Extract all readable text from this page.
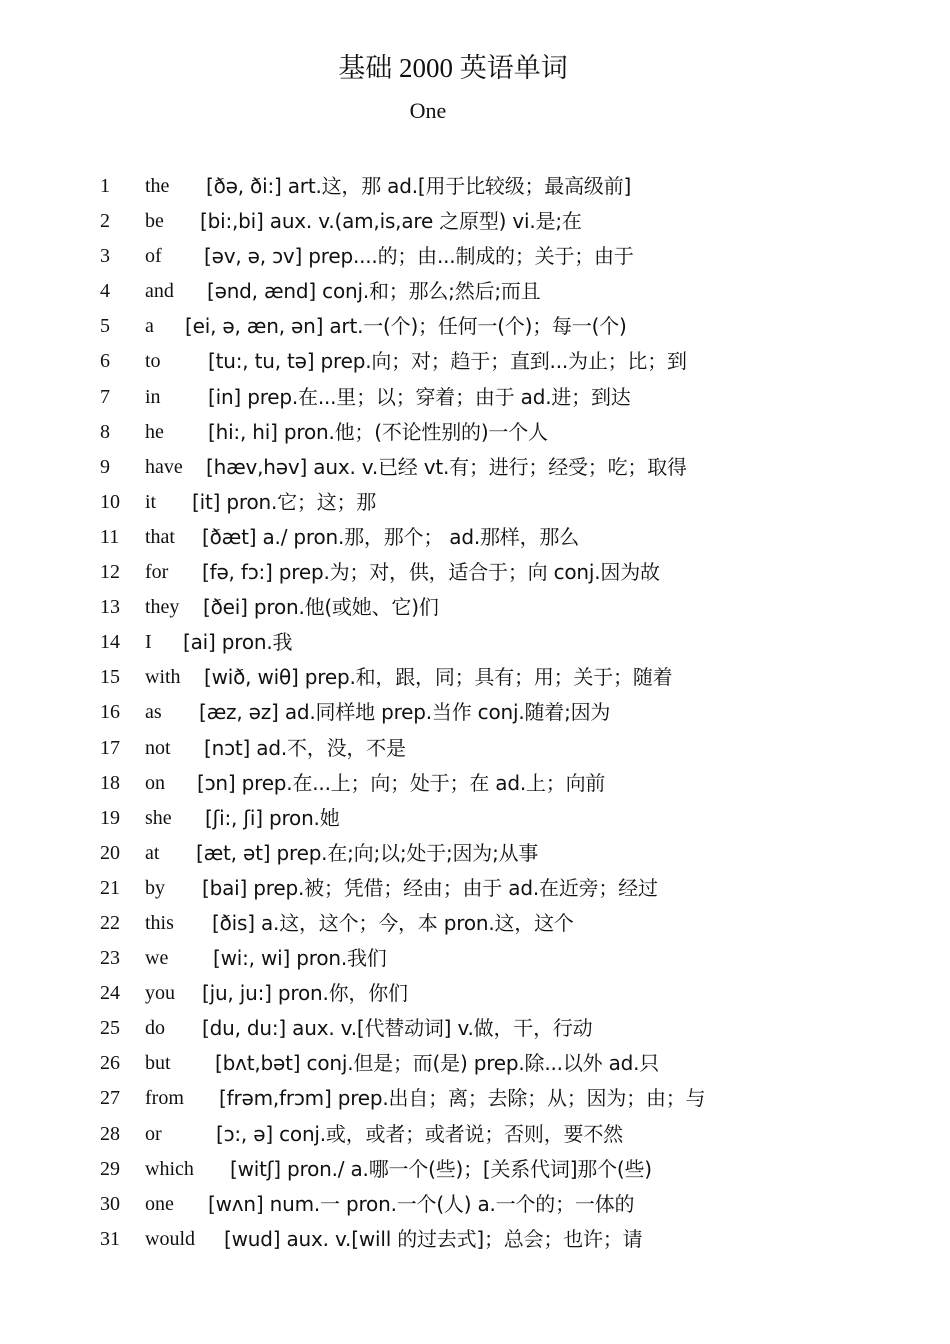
基础 2000 英语单词
One
1	the [ðə, ði:] art.这，那 ad.[用于比较级；最高级前]
2	be [bi:,bi] aux. v.(am,is,are 之原型) vi.是;在
3	of [əv, ə, ɔv] prep....的；由...制成的；关于；由于
4	and [ənd, ænd] conj.和；那么;然后;而且
5	a [ei, ə, æn, ən] art.一(个)；任何一(个)；每一(个)
6	to [tu:, tu, tə] prep.向；对；趋于；直到...为止；比；到
7	in [in] prep.在...里；以；穿着；由于 ad.进；到达
8	he [hi:, hi] pron.他；(不论性别的)一个人
9	have [hæv,həv] aux. v.已经 vt.有；进行；经受；吃；取得
10	it [it] pron.它；这；那
11	that [ðæt] a./ pron.那，那个； ad.那样，那么
12	for [fə, fɔ:] prep.为；对，供，适合于；向 conj.因为故
13	they [ðei] pron.他(或她、它)们
14	I [ai] pron.我
15	with [wið, wiθ] prep.和，跟，同；具有；用；关于；随着
16	as [æz, əz] ad.同样地 prep.当作 conj.随着;因为
17	not [nɔt] ad.不，没，不是
18	on [ɔn] prep.在...上；向；处于；在 ad.上；向前
19	she [ʃi:, ʃi] pron.她
20	at [æt, ət] prep.在;向;以;处于;因为;从事
21	by [bai] prep.被；凭借；经由；由于 ad.在近旁；经过
22	this [ðis] a.这，这个；今，本 pron.这，这个
23	we [wi:, wi] pron.我们
24	you [ju, ju:] pron.你，你们
25	do [du, du:] aux. v.[代替动词] v.做，干，行动
26	but [bʌt,bət] conj.但是；而(是) prep.除...以外 ad.只
27	from [frəm,frɔm] prep.出自；离；去除；从；因为；由；与
28	or	[ɔ:, ə] conj.或，或者；或者说；否则，要不然
29	which [witʃ] pron./ a.哪一个(些)；[关系代词]那个(些)
30	one [wʌn] num.一 pron.一个(人) a.一个的；一体的
31	would [wud] aux. v.[will 的过去式]；总会；也许；请
